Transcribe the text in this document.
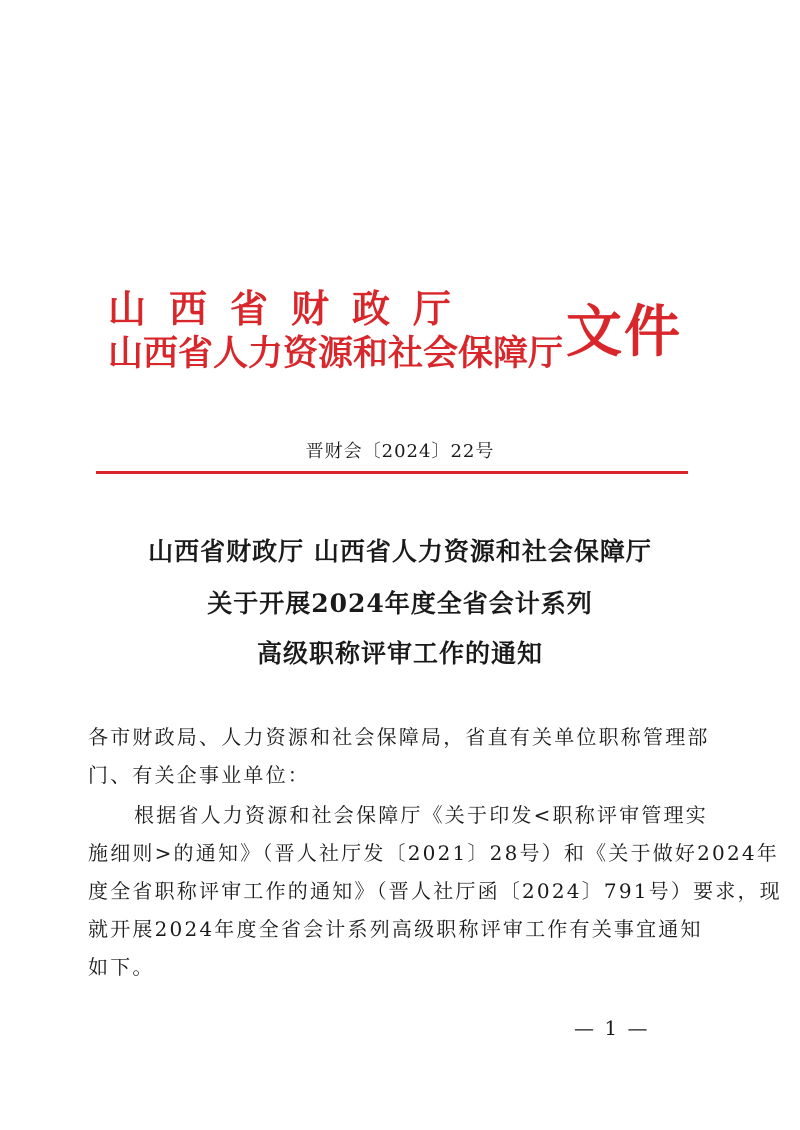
山西省财政厅
山西省人力资源和社会保障厅 文件
晋财会〔2024〕22号
山西省财政厅 山西省人力资源和社会保障厅
关于开展2024年度全省会计系列
高级职称评审工作的通知
各市财政局、人力资源和社会保障局，省直有关单位职称管理部
门、有关企事业单位：
根据省人力资源和社会保障厅《关于印发<职称评审管理实
施细则>的通知》（晋人社厅发〔2021〕28号）和《关于做好2024年
度全省职称评审工作的通知》（晋人社厅函〔2024〕791号）要求，现
就开展2024年度全省会计系列高级职称评审工作有关事宜通知
如下。
— 1 —
